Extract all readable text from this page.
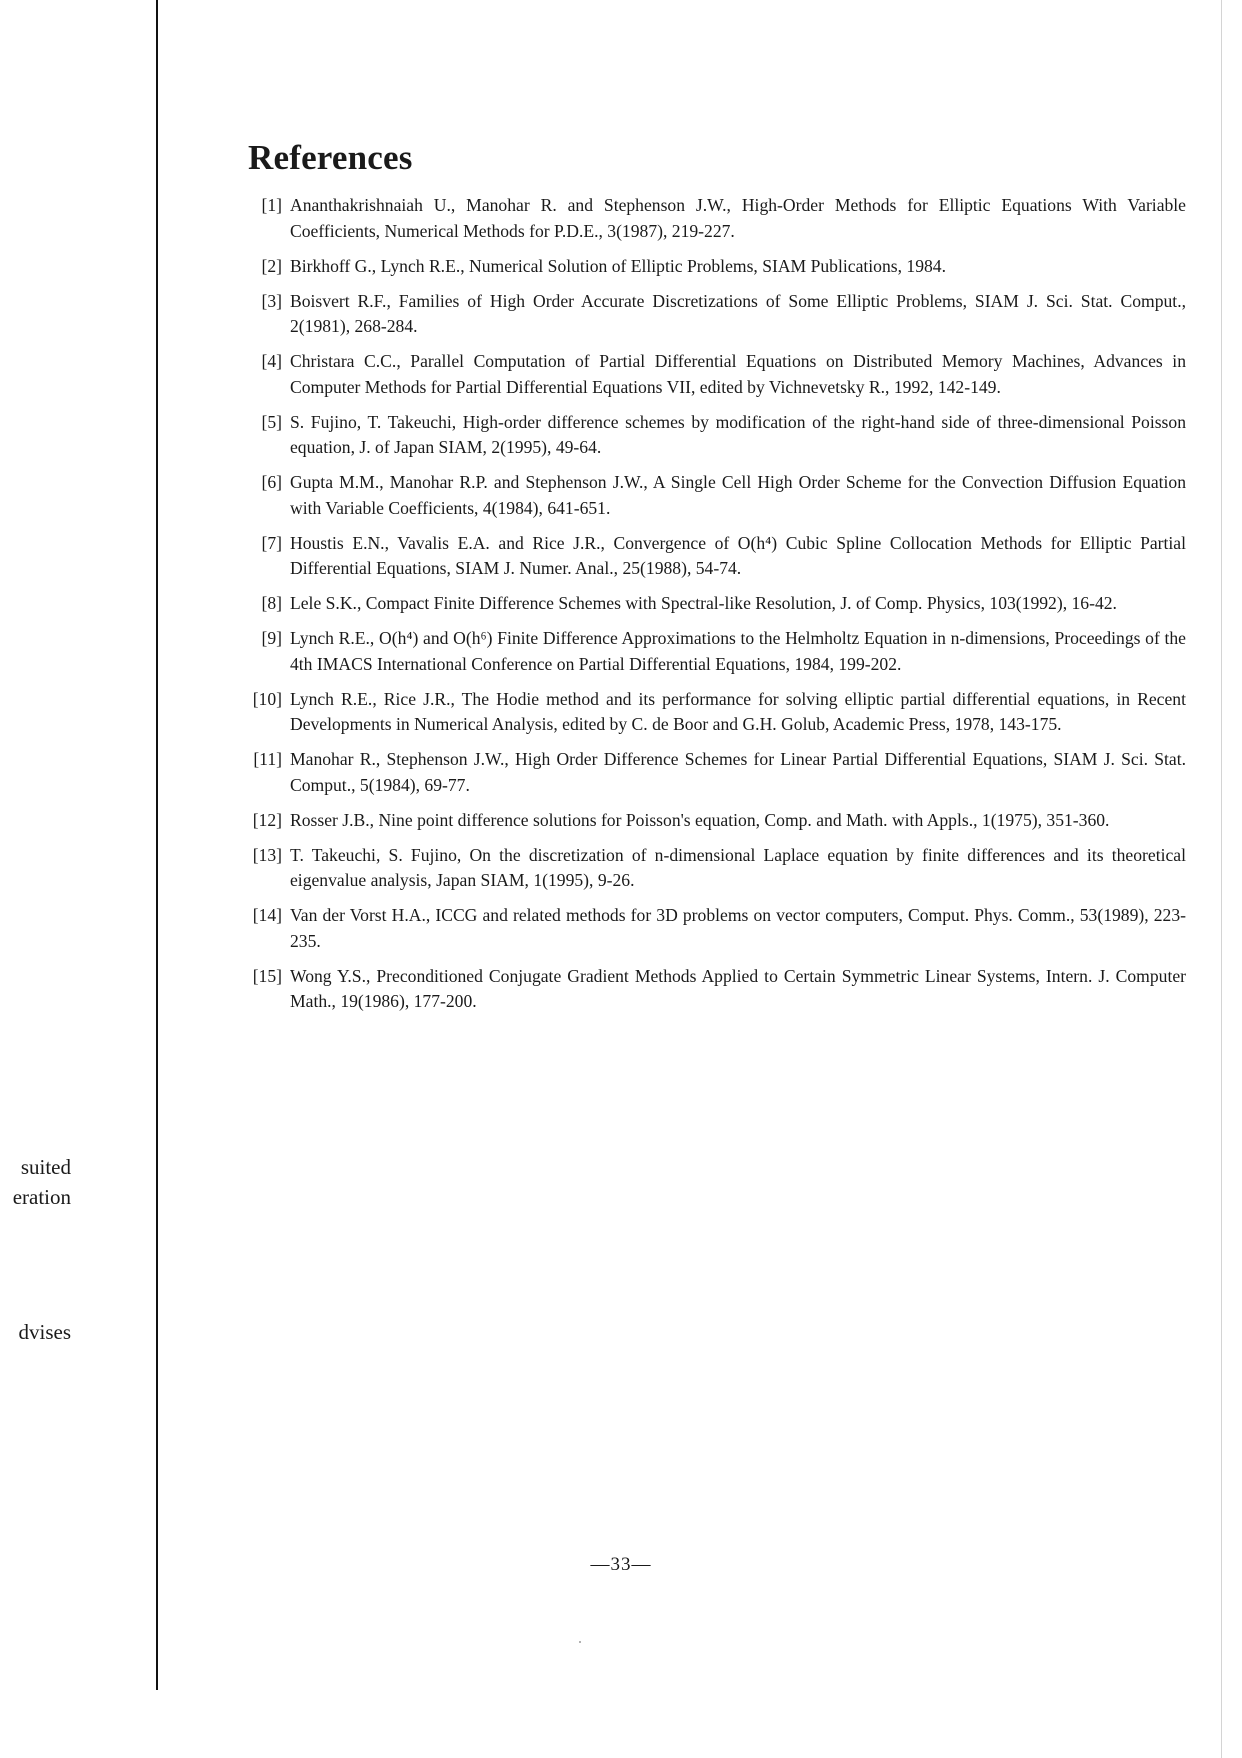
suited
eration
dvises
References
[1] Ananthakrishnaiah U., Manohar R. and Stephenson J.W., High-Order Methods for Elliptic Equations With Variable Coefficients, Numerical Methods for P.D.E., 3(1987), 219-227.
[2] Birkhoff G., Lynch R.E., Numerical Solution of Elliptic Problems, SIAM Publications, 1984.
[3] Boisvert R.F., Families of High Order Accurate Discretizations of Some Elliptic Problems, SIAM J. Sci. Stat. Comput., 2(1981), 268-284.
[4] Christara C.C., Parallel Computation of Partial Differential Equations on Distributed Memory Machines, Advances in Computer Methods for Partial Differential Equations VII, edited by Vichnevetsky R., 1992, 142-149.
[5] S. Fujino, T. Takeuchi, High-order difference schemes by modification of the right-hand side of three-dimensional Poisson equation, J. of Japan SIAM, 2(1995), 49-64.
[6] Gupta M.M., Manohar R.P. and Stephenson J.W., A Single Cell High Order Scheme for the Convection Diffusion Equation with Variable Coefficients, 4(1984), 641-651.
[7] Houstis E.N., Vavalis E.A. and Rice J.R., Convergence of O(h⁴) Cubic Spline Collocation Methods for Elliptic Partial Differential Equations, SIAM J. Numer. Anal., 25(1988), 54-74.
[8] Lele S.K., Compact Finite Difference Schemes with Spectral-like Resolution, J. of Comp. Physics, 103(1992), 16-42.
[9] Lynch R.E., O(h⁴) and O(h⁶) Finite Difference Approximations to the Helmholtz Equation in n-dimensions, Proceedings of the 4th IMACS International Conference on Partial Differential Equations, 1984, 199-202.
[10] Lynch R.E., Rice J.R., The Hodie method and its performance for solving elliptic partial differential equations, in Recent Developments in Numerical Analysis, edited by C. de Boor and G.H. Golub, Academic Press, 1978, 143-175.
[11] Manohar R., Stephenson J.W., High Order Difference Schemes for Linear Partial Differential Equations, SIAM J. Sci. Stat. Comput., 5(1984), 69-77.
[12] Rosser J.B., Nine point difference solutions for Poisson's equation, Comp. and Math. with Appls., 1(1975), 351-360.
[13] T. Takeuchi, S. Fujino, On the discretization of n-dimensional Laplace equation by finite differences and its theoretical eigenvalue analysis, Japan SIAM, 1(1995), 9-26.
[14] Van der Vorst H.A., ICCG and related methods for 3D problems on vector computers, Comput. Phys. Comm., 53(1989), 223-235.
[15] Wong Y.S., Preconditioned Conjugate Gradient Methods Applied to Certain Symmetric Linear Systems, Intern. J. Computer Math., 19(1986), 177-200.
—33—
